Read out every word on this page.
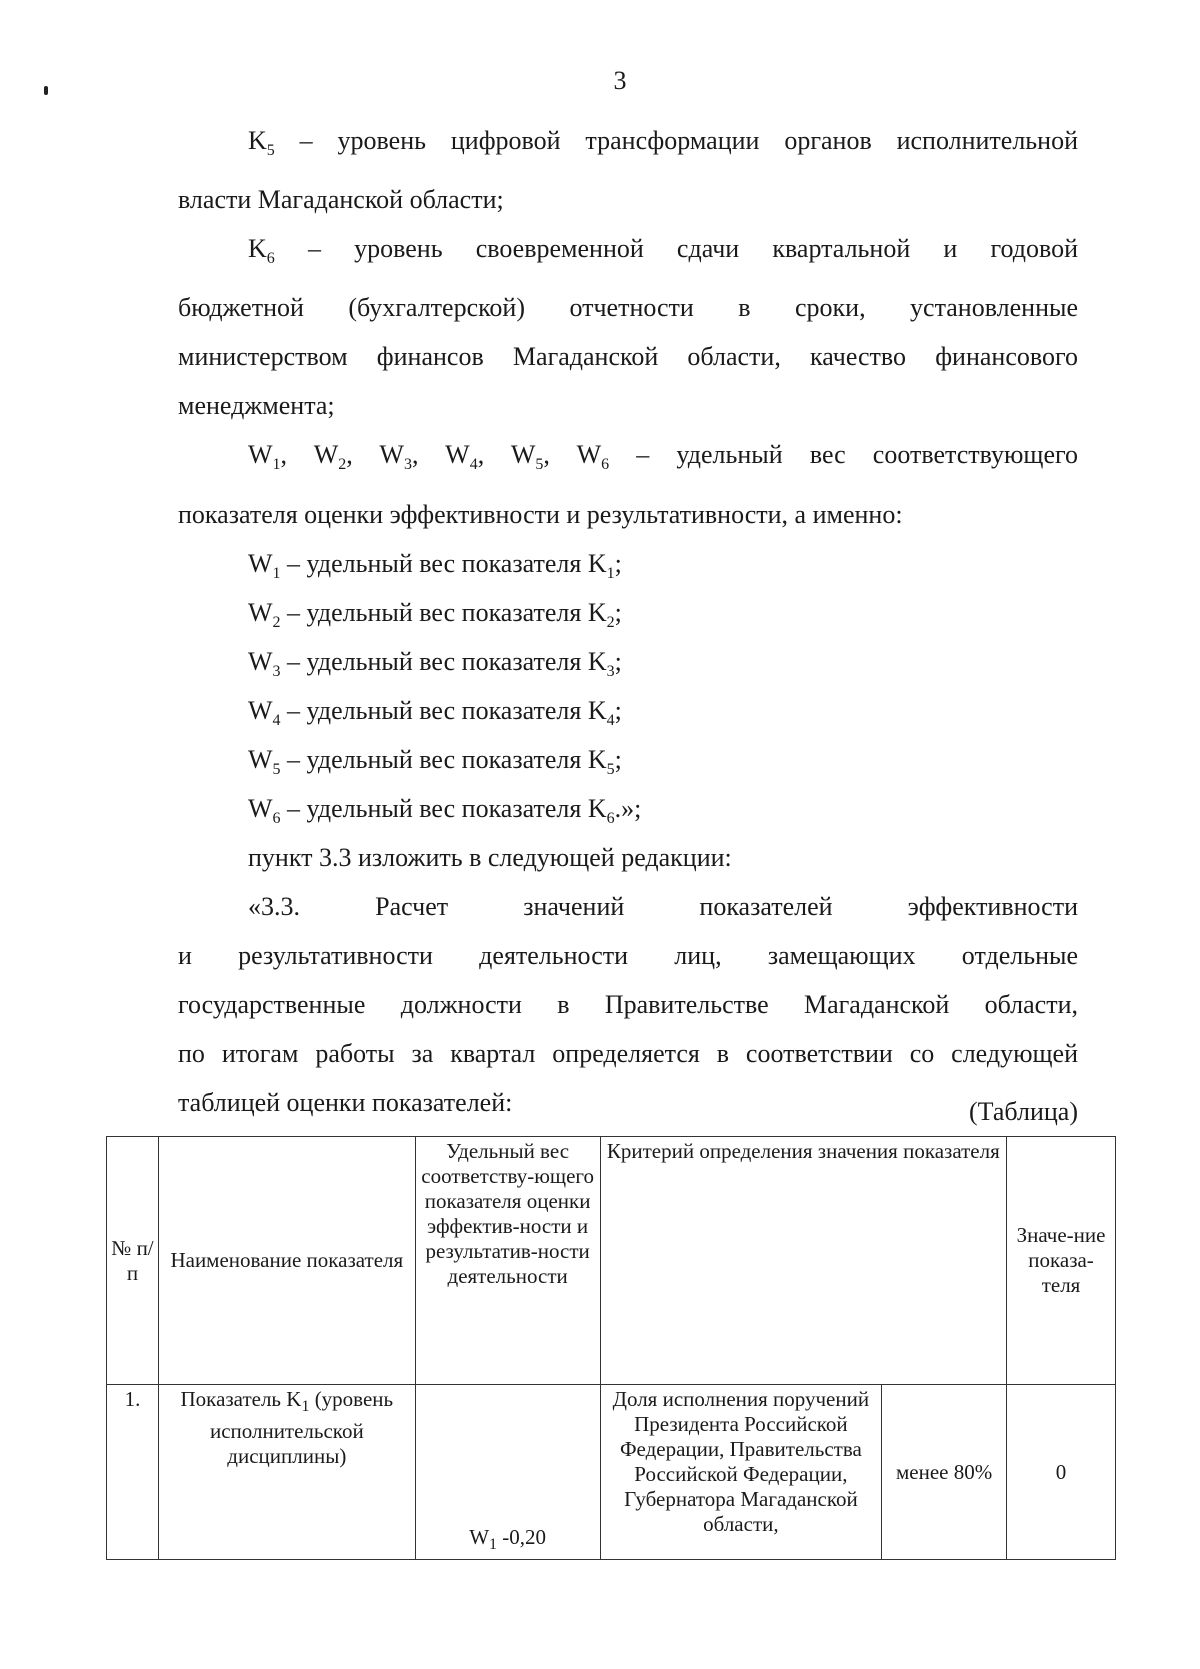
3

$K_5$ – уровень цифровой трансформации органов исполнительной

власти Магаданской области;

$K_6$ – уровень своевременной сдачи квартальной и годовой

бюджетной (бухгалтерской) отчетности в сроки, установленные

министерством финансов Магаданской области, качество финансового

менеджмента;

$W_1$, $W_2$, $W_3$, $W_4$, $W_5$, $W_6$ – удельный вес соответствующего

показателя оценки эффективности и результативности, а именно:

$W_1$ – удельный вес показателя $K_1$;
$W_2$ – удельный вес показателя $K_2$;
$W_3$ – удельный вес показателя $K_3$;
$W_4$ – удельный вес показателя $K_4$;
$W_5$ – удельный вес показателя $K_5$;
$W_6$ – удельный вес показателя $K_6$.»;

пункт 3.3 изложить в следующей редакции:

«3.3. Расчет значений показателей эффективности

и результативности деятельности лиц, замещающих отдельные

государственные должности в Правительстве Магаданской области,

по итогам работы за квартал определяется в соответствии со следующей

таблицей оценки показателей:	(Таблица)
№ п/п	Наименование показателя	Удельный вес соответству-ющего показателя оценки эффектив-ности и результатив-ности деятельности	Критерий определения значения показателя		Значе-ние показа-теля
1.	Показатель $K_1$ (уровень исполнительской дисциплины)	$W_1$ -0,20	Доля исполнения поручений Президента Российской Федерации, Правительства Российской Федерации, Губернатора Магаданской области,	менее 80%	0
